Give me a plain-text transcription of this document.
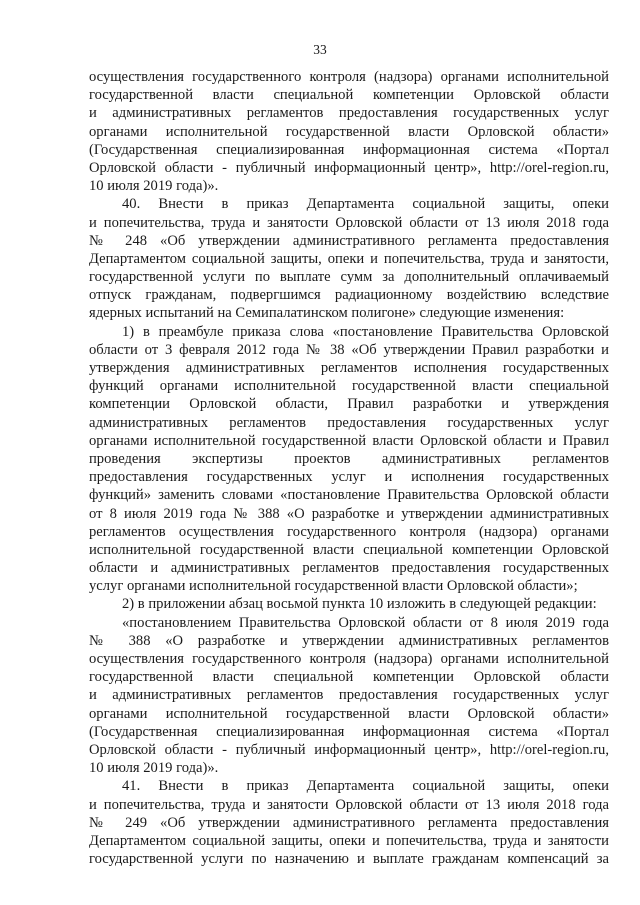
33
осуществления государственного контроля (надзора) органами исполнительной
государственной власти специальной компетенции Орловской области
и административных регламентов предоставления государственных услуг
органами исполнительной государственной власти Орловской области»
(Государственная специализированная информационная система «Портал
Орловской области - публичный информационный центр», http://orel-region.ru,
10 июля 2019 года)».
40. Внести в приказ Департамента социальной защиты, опеки
и попечительства, труда и занятости Орловской области от 13 июля 2018 года
№ 248 «Об утверждении административного регламента предоставления
Департаментом социальной защиты, опеки и попечительства, труда и занятости,
государственной услуги по выплате сумм за дополнительный оплачиваемый
отпуск гражданам, подвергшимся радиационному воздействию вследствие
ядерных испытаний на Семипалатинском полигоне» следующие изменения:
1) в преамбуле приказа слова «постановление Правительства Орловской
области от 3 февраля 2012 года № 38 «Об утверждении Правил разработки и
утверждения административных регламентов исполнения государственных
функций органами исполнительной государственной власти специальной
компетенции Орловской области, Правил разработки и утверждения
административных регламентов предоставления государственных услуг
органами исполнительной государственной власти Орловской области и Правил
проведения экспертизы проектов административных регламентов
предоставления государственных услуг и исполнения государственных
функций» заменить словами «постановление Правительства Орловской области
от 8 июля 2019 года № 388 «О разработке и утверждении административных
регламентов осуществления государственного контроля (надзора) органами
исполнительной государственной власти специальной компетенции Орловской
области и административных регламентов предоставления государственных
услуг органами исполнительной государственной власти Орловской области»;
2) в приложении абзац восьмой пункта 10 изложить в следующей редакции:
«постановлением Правительства Орловской области от 8 июля 2019 года
№ 388 «О разработке и утверждении административных регламентов
осуществления государственного контроля (надзора) органами исполнительной
государственной власти специальной компетенции Орловской области
и административных регламентов предоставления государственных услуг
органами исполнительной государственной власти Орловской области»
(Государственная специализированная информационная система «Портал
Орловской области - публичный информационный центр», http://orel-region.ru,
10 июля 2019 года)».
41. Внести в приказ Департамента социальной защиты, опеки
и попечительства, труда и занятости Орловской области от 13 июля 2018 года
№ 249 «Об утверждении административного регламента предоставления
Департаментом социальной защиты, опеки и попечительства, труда и занятости
государственной услуги по назначению и выплате гражданам компенсаций за
